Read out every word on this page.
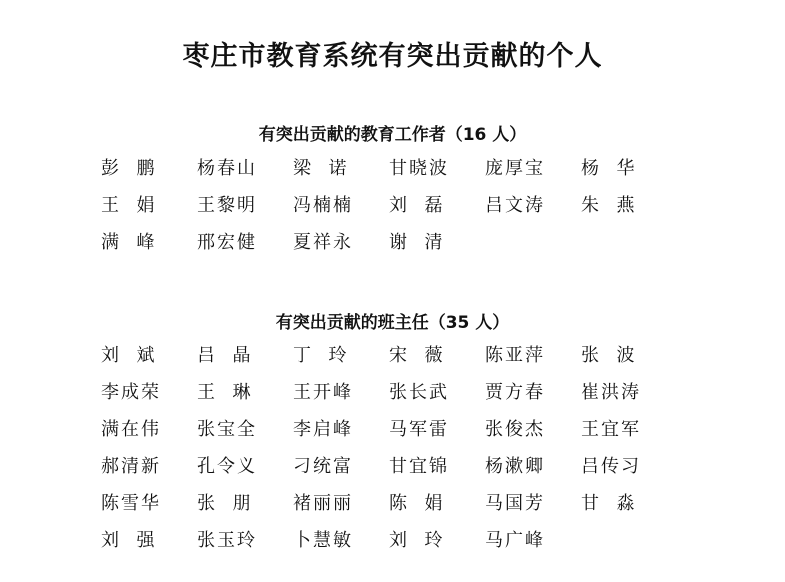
枣庄市教育系统有突出贡献的个人
有突出贡献的教育工作者（16 人）
彭  鹏	杨春山	梁  诺	甘晓波	庞厚宝	杨  华
王  娟	王黎明	冯楠楠	刘  磊	吕文涛	朱  燕
满  峰	邢宏健	夏祥永	谢  清
有突出贡献的班主任（35 人）
刘  斌	吕  晶	丁  玲	宋  薇	陈亚萍	张  波
李成荣	王  琳	王开峰	张长武	贾方春	崔洪涛
满在伟	张宝全	李启峰	马军雷	张俊杰	王宜军
郝清新	孔令义	刁统富	甘宜锦	杨漱卿	吕传习
陈雪华	张  朋	褚丽丽	陈  娟	马国芳	甘  淼
刘  强	张玉玲	卜慧敏	刘  玲	马广峰
